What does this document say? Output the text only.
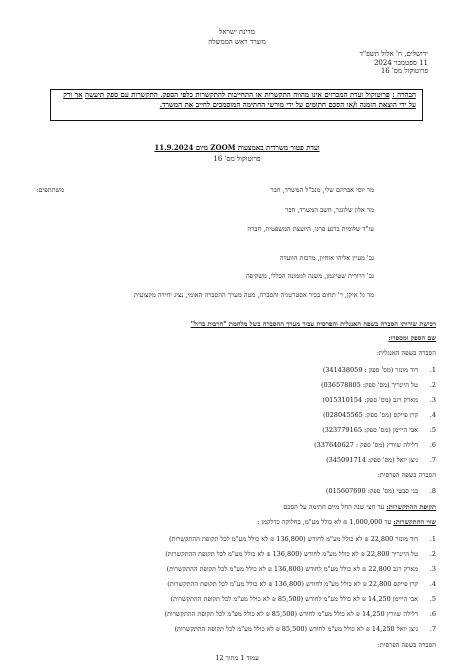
מדינת ישראל
משרד ראש הממשלה
ירושלים, ח' אלול תשפ"ד
11 ספטמבר 2024
פרוטוקול מס' 16
הבהרה : פרוטוקול ועדת המכרזים אינו מהווה התקשרות או התחייבות להתקשרות כלפי הספק. התקשרות עם ספק תיעשה אך ורק על ידי הוצאת הזמנה ו/או הסכם חתומים על ידי מורשי החתימה המוסמכים לחייב את המשרד.
ועדת פטור משרדית באמצעות ZOOM מיום 11.9.2024
פרוטוקול מס' 16
משתתפים:	מר יוסי אברהם שלי, מנכ"ל המשרד, חבר
מר אלון שלונגר, חשב המשרד, חבר
עו"ד שלומית ברנע פרגו, היועצת המשפטית, חברה
גב' מעיין אליהו אוחיון, מרכזת הוועדה
גב' דרורית שטיינמן, משנה לממונה הכללי, משקיפה
מר גל איקן, ר' תחום בכיר אסטרטגיה והסברה, מטה מערך ההסברה האומי, נציג יחידה מקצועית
רכישת שירותי הסברה בשפה האנגלית והפרסית עבור מערך ההסברה בשל מלחמת "חרבות ברזל"
שם הספק ומספרו:
הסברה בשפה האנגלית:
1.
דוד מונזר (מס' ספק : 341438059)
2.
טל היינריך (מס' ספק: 036578805)
3.
מארק רגב (מס' ספק: 015310154)
4.
קרן פייקס (מס' ספק: 028045565)
5.
אבי הייימן (מס' ספק: 323779165)
6.
דלילה שוורץ (מס' ספק : 337640627)
7.
ניצן יואל (מס' ספק: 345091714)
הסברה בשפה הפרסית:
8.
בני סבטי (מס' ספק: 015607690)
תקופת ההתקשרות: עד חצי שנה החל מיום חתימה על הסכם
שווי ההתקשרות: עד 1,000,000 ₪ לא כולל מע"מ, בחלוקה כדלקמן :
1.
דוד מונזר 22,800 ₪ לא כולל מע"מ לחודש (136,800 ₪ לא כולל מע"מ לכל תקופת ההתקשרות)
2.
טל היינריך 22,800 ₪ לא כולל מע"מ לחודש (136,800 ₪ לא כולל מע"מ לכל תקופת ההתקשרות)
3.
מארק רגב 22,800 ₪ לא כולל מע"מ לחודש (136,800 ₪ לא כולל מע"מ לכל תקופת ההתקשרות)
4.
קרן פייקס 22,800 ₪ לא כולל מע"מ לחודש (136,800 ₪ לא כולל מע"מ לכל תקופת ההתקשרות)
5.
אבי הייימן 14,250 ₪ לא כולל מע"מ לחודש (85,500 ₪ לא כולל מע"מ לכל תקופת ההתקשרות)
6.
דלילה שוורץ 14,250 ₪ לא כולל מע"מ לחודש (85,500 ₪ לא כולל מע"מ לכל תקופת ההתקשרות)
7.
ניצן יואל 14,250 ₪ לא כולל מע"מ לחודש (85,500 ₪ לא כולל מע"מ לכל תקופת ההתקשרות)
הסברה בשפה הפרסית:
עמוד 1 מתוך 12
